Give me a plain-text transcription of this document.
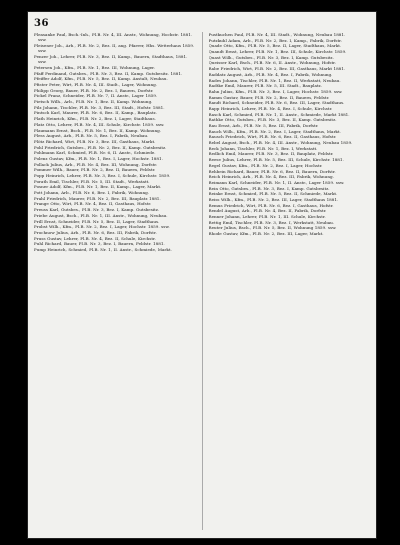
36

Pleasanke Paul, Bsch.-Inh., Pl.B. Nr. 4, III. Anstr., Wohnung, Hochstr. 1881. ssw.

Pleisener Joh., Arb., Pl.B. Nr. 2, Bez. II, ang. Pfarrer, Hhs. Wetterhaus 1859. ssw.

Penzer Joh., Lehrer, Pl.B. Nr. 3, Bez. II, Kamp., Bauern, Stadthaus, 1881. ssw.

Petersen Joh., Kfm., Pl.B. Nr. 1, Bez. III, Wohnung, Lager.

Pfaff Ferdinand, Gutsbes., Pl.B. Nr. 3, Bez. II, Kamp. Gutsbesitz. 1881.

Pfeiffer Adolf, Kfm., Pl.B. Nr. 5, Bez. II, Kamp. Anstalt, Neubau.

Pfister Peter, Wirt, Pl.B. Nr. 4, III. Stadt., Lager, Wohnung.

Philipp Georg, Bauer, Pl.B. Nr. 2, Bez. I, Bauern, Dorfstr.

Pickel Franz, Schneider, Pl.B. Nr. 7, II. Anstr., Lager 1859.

Pietsch Wilh., Arb., Pl.B. Nr. 1, Bez. II, Kamp. Wohnung.

Pilz Johann, Tischler, Pl.B. Nr. 3, Bez. III, Stadt., Hofstr. 1881.

Pintsch Karl, Maurer, Pl.B. Nr. 6, Bez. II, Kamp., Bauplatz.

Plath Heinrich, Kfm., Pl.B. Nr. 2, Bez. I, Lager, Stadthaus.

Platz Otto, Lehrer, Pl.B. Nr. 4, III. Schule, Kirchstr. 1859. ssw.

Plaumann Ernst, Bsch., Pl.B. Nr. 1, Bez. II, Kamp. Wohnung.

Pless August, Arb., Pl.B. Nr. 5, Bez. I, Fabrik, Neubau.

Plötz Richard, Wirt, Pl.B. Nr. 3, Bez. III, Gasthaus, Markt.

Pohl Friedrich, Gutsbes., Pl.B. Nr. 2, Bez. II, Kamp. Gutsbesitz.

Pohlmann Karl, Schmied, Pl.B. Nr. 6, II. Anstr., Schmiede.

Polenz Gustav, Kfm., Pl.B. Nr. 1, Bez. I, Lager, Hochstr. 1881.

Pollack Julius, Arb., Pl.B. Nr. 4, Bez. III, Wohnung, Dorfstr.

Pommer Wilh., Bauer, Pl.B. Nr. 2, Bez. II, Bauern, Feldstr.

Popp Heinrich, Lehrer, Pl.B. Nr. 3, Bez. I, Schule, Kirchstr. 1859.

Porath Emil, Tischler, Pl.B. Nr. 5, III. Stadt., Werkstatt.

Posner Adolf, Kfm., Pl.B. Nr. 1, Bez. II, Kamp., Lager, Markt.

Pott Johann, Arb., Pl.B. Nr. 6, Bez. I, Fabrik, Wohnung.

Prahl Friedrich, Maurer, Pl.B. Nr. 2, Bez. III, Bauplatz 1881.

Prange Otto, Wirt, Pl.B. Nr. 4, Bez. II, Gasthaus, Hofstr.

Preuss Karl, Gutsbes., Pl.B. Nr. 3, Bez. I, Kamp. Gutsbesitz.

Priebe August, Bsch., Pl.B. Nr. 1, III. Anstr., Wohnung, Neubau.

Prill Ernst, Schneider, Pl.B. Nr. 5, Bez. II, Lager, Stadthaus.

Probst Wilh., Kfm., Pl.B. Nr. 2, Bez. I, Lager, Hochstr. 1859. ssw.

Prochnow Julius, Arb., Pl.B. Nr. 6, Bez. III, Fabrik, Dorfstr.

Pruss Gustav, Lehrer, Pl.B. Nr. 4, Bez. II, Schule, Kirchstr.

Puhl Richard, Bauer, Pl.B. Nr. 3, Bez. I, Bauern, Feldstr. 1881.

Pump Heinrich, Schmied, Pl.B. Nr. 1, II. Anstr., Schmiede, Markt.

Pustkuchen Paul, Pl.B. Nr. 4, III. Stadt., Wohnung, Neubau 1881.

Putzkuhl Adam, Arb., Pl.B. Nr. 2, Bez. I, Kamp., Fabrik, Dorfstr.

Quade Otto, Kfm., Pl.B. Nr. 5, Bez. II, Lager, Stadthaus, Markt.

Quandt Ernst, Lehrer, Pl.B. Nr. 1, Bez. III, Schule, Kirchstr. 1859.

Quast Wilh., Gutsbes., Pl.B. Nr. 3, Bez. I, Kamp. Gutsbesitz.

Queisser Karl, Bsch., Pl.B. Nr. 6, II. Anstr., Wohnung, Hofstr.

Rabe Friedrich, Wirt, Pl.B. Nr. 2, Bez. III, Gasthaus, Markt 1881.

Raddatz August, Arb., Pl.B. Nr. 4, Bez. I, Fabrik, Wohnung.

Rades Johann, Tischler, Pl.B. Nr. 1, Bez. II, Werkstatt, Neubau.

Radtke Emil, Maurer, Pl.B. Nr. 5, III. Stadt., Bauplatz.

Rahn Julius, Kfm., Pl.B. Nr. 3, Bez. I, Lager, Hochstr. 1859. ssw.

Ramm Gustav, Bauer, Pl.B. Nr. 2, Bez. II, Bauern, Feldstr.

Randt Richard, Schneider, Pl.B. Nr. 6, Bez. III, Lager, Stadthaus.

Rapp Heinrich, Lehrer, Pl.B. Nr. 4, Bez. I, Schule, Kirchstr.

Rasch Karl, Schmied, Pl.B. Nr. 1, II. Anstr., Schmiede, Markt 1881.

Rathke Otto, Gutsbes., Pl.B. Nr. 3, Bez. II, Kamp. Gutsbesitz.

Rau Ernst, Arb., Pl.B. Nr. 5, Bez. III, Fabrik, Dorfstr.

Rauch Wilh., Kfm., Pl.B. Nr. 2, Bez. I, Lager, Stadthaus, Markt.

Rausch Friedrich, Wirt, Pl.B. Nr. 6, Bez. II, Gasthaus, Hofstr.

Rebel August, Bsch., Pl.B. Nr. 4, III. Anstr., Wohnung, Neubau 1859.

Reck Johann, Tischler, Pl.B. Nr. 1, Bez. I, Werkstatt.

Redlich Emil, Maurer, Pl.B. Nr. 3, Bez. II, Bauplatz, Feldstr.

Reese Julius, Lehrer, Pl.B. Nr. 5, Bez. III, Schule, Kirchstr. 1881.

Regel Gustav, Kfm., Pl.B. Nr. 2, Bez. I, Lager, Hochstr.

Rehbein Richard, Bauer, Pl.B. Nr. 6, Bez. II, Bauern, Dorfstr.

Reich Heinrich, Arb., Pl.B. Nr. 4, Bez. III, Fabrik, Wohnung.

Reimann Karl, Schneider, Pl.B. Nr. 1, II. Anstr., Lager 1859. ssw.

Rein Otto, Gutsbes., Pl.B. Nr. 3, Bez. I, Kamp. Gutsbesitz.

Reinke Ernst, Schmied, Pl.B. Nr. 5, Bez. II, Schmiede, Markt.

Reiss Wilh., Kfm., Pl.B. Nr. 2, Bez. III, Lager, Stadthaus 1881.

Remus Friedrich, Wirt, Pl.B. Nr. 6, Bez. I, Gasthaus, Hofstr.

Rendel August, Arb., Pl.B. Nr. 4, Bez. II, Fabrik, Dorfstr.

Renner Johann, Lehrer, Pl.B. Nr. 1, III. Schule, Kirchstr.

Rettig Emil, Tischler, Pl.B. Nr. 3, Bez. I, Werkstatt, Neubau.

Reuter Julius, Bsch., Pl.B. Nr. 5, Bez. II, Wohnung 1859. ssw.

Rhode Gustav, Kfm., Pl.B. Nr. 2, Bez. III, Lager, Markt.
